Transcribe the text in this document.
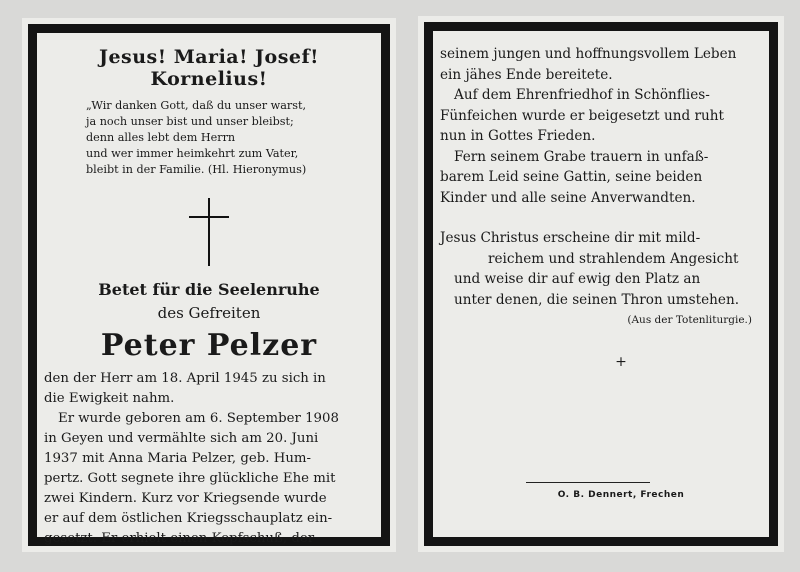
Jesus! Maria! Josef! Kornelius!
„Wir danken Gott, daß du unser warst,
ja noch unser bist und unser bleibst;
denn alles lebt dem Herrn
und wer immer heimkehrt zum Vater,
bleibt in der Familie. (Hl. Hieronymus)
Betet für die Seelenruhe
des Gefreiten
Peter Pelzer
den der Herr am 18. April 1945 zu sich in
die Ewigkeit nahm.
Er wurde geboren am 6. September 1908
in Geyen und vermählte sich am 20. Juni
1937 mit Anna Maria Pelzer, geb. Hum-
pertz. Gott segnete ihre glückliche Ehe mit
zwei Kindern. Kurz vor Kriegsende wurde
er auf dem östlichen Kriegsschauplatz ein-
gesetzt. Er erhielt einen Kopfschuß, der
seinem jungen und hoffnungsvollem Leben
ein jähes Ende bereitete.
Auf dem Ehrenfriedhof in Schönflies-
Fünfeichen wurde er beigesetzt und ruht
nun in Gottes Frieden.
Fern seinem Grabe trauern in unfaß-
barem Leid seine Gattin, seine beiden
Kinder und alle seine Anverwandten.
Jesus Christus erscheine dir mit mild-
reichem und strahlendem Angesicht
und weise dir auf ewig den Platz an
unter denen, die seinen Thron umstehen.
(Aus der Totenliturgie.)
+
O. B. Dennert, Frechen
